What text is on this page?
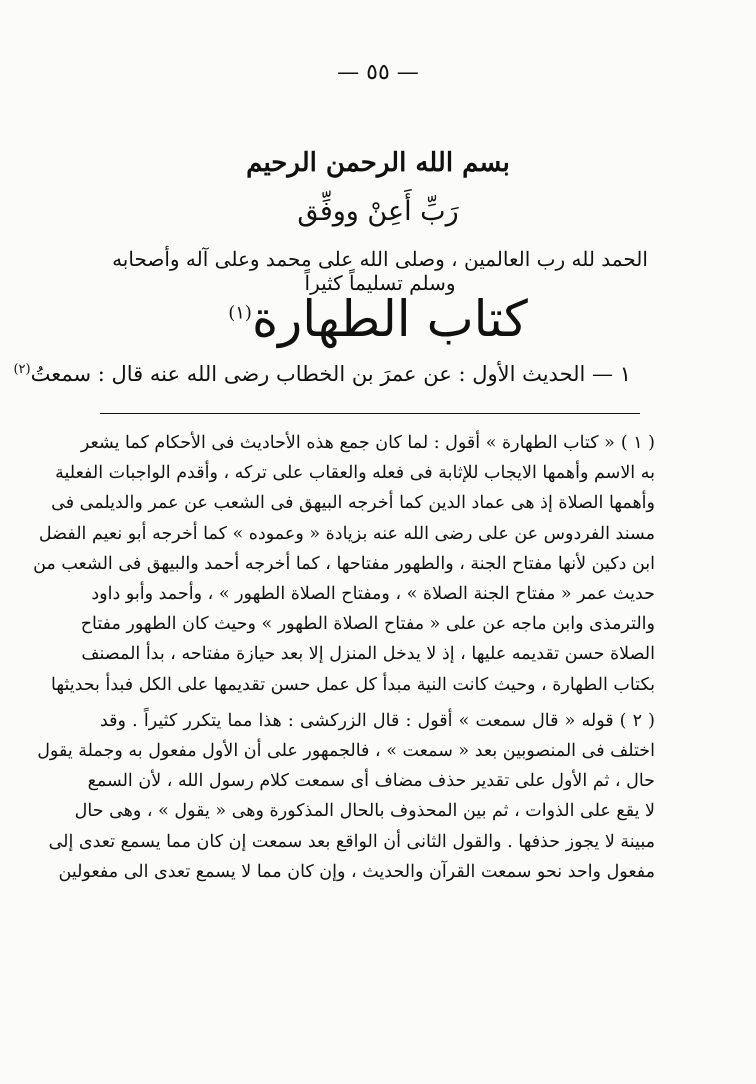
— ٥٥ —
بسم الله الرحمن الرحيم
رَبِّ أَعِنْ ووفِّق
الحمد لله رب العالمين ، وصلى الله على محمد وعلى آله وأصحابه وسلم تسليماً كثيراً
كتاب الطهارة$^{(١)}$
١ — الحديث الأول : عن عمرَ بن الخطاب رضى الله عنه قال : سمعتُ$^{(٢)}$
( ١ )« كتاب الطهارة » أقول : لما كان جمع هذه الأحاديث فى الأحكام كما يشعر
به الاسم وأهمها الايجاب للإثابة فى فعله والعقاب على تركه ، وأقدم الواجبات الفعلية
وأهمها الصلاة إذ هى عماد الدين كما أخرجه البيهق فى الشعب عن عمر والديلمى فى
مسند الفردوس عن على رضى الله عنه بزيادة « وعموده » كما أخرجه أبو نعيم الفضل
ابن دكين لأنها مفتاح الجنة ، والطهور مفتاحها ، كما أخرجه أحمد والبيهق فى الشعب من
حديث عمر « مفتاح الجنة الصلاة » ، ومفتاح الصلاة الطهور » ، وأحمد وأبو داود
والترمذى وابن ماجه عن على « مفتاح الصلاة الطهور » وحيث كان الطهور مفتاح
الصلاة حسن تقديمه عليها ، إذ لا يدخل المنزل إلا بعد حيازة مفتاحه ، بدأ المصنف
بكتاب الطهارة ، وحيث كانت النية مبدأ كل عمل حسن تقديمها على الكل فبدأ بحديثها
( ٢ )قوله « قال سمعت » أقول : قال الزركشى : هذا مما يتكرر كثيراً . وقد
اختلف فى المنصوبين بعد « سمعت » ، فالجمهور على أن الأول مفعول به وجملة يقول
حال ، ثم الأول على تقدير حذف مضاف أى سمعت كلام رسول الله ، لأن السمع
لا يقع على الذوات ، ثم بين المحذوف بالحال المذكورة وهى « يقول » ، وهى حال
مبينة لا يجوز حذفها . والقول الثانى أن الواقع بعد سمعت إن كان مما يسمع تعدى إلى
مفعول واحد نحو سمعت القرآن والحديث ، وإن كان مما لا يسمع تعدى الى مفعولين
